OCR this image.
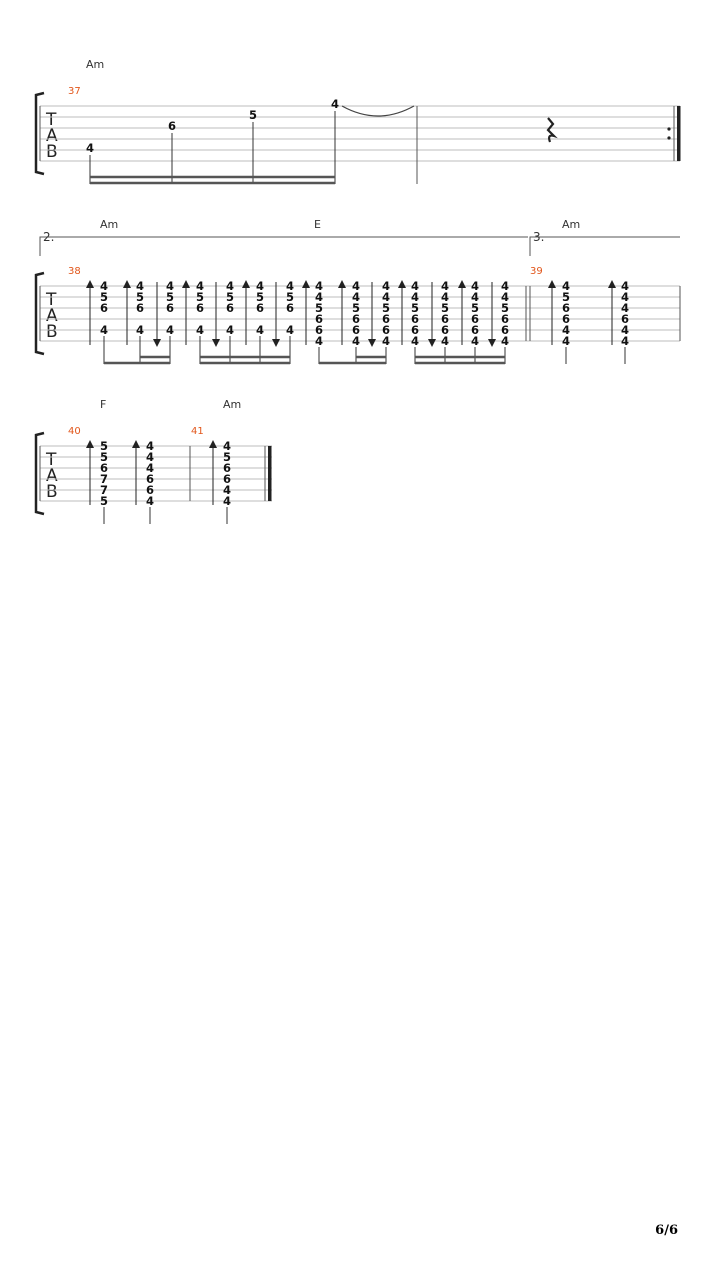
T
A
B
37
Am
4
6
5
4
2.	3.
Am	E	Am
38	39
T
A
B
4
5
6
4
4
5
6
4
4
5
6
4
4
5
6
4
4
5
6
4
4
5
6
4
4
5
6
4
4
4
5
6
6
4
4
4
5
6
6
4
4
4
5
6
6
4
4
4
5
6
6
4
4
4
5
6
6
4
4
4
5
6
6
4
4
4
5
6
6
4
4
5
6
6
4
4
4
4
4
6
4
4
F	Am
40	41
T
A
B
5
5
6
7
7
5
4
4
4
6
6
4
4
5
6
6
4
4
6/6
